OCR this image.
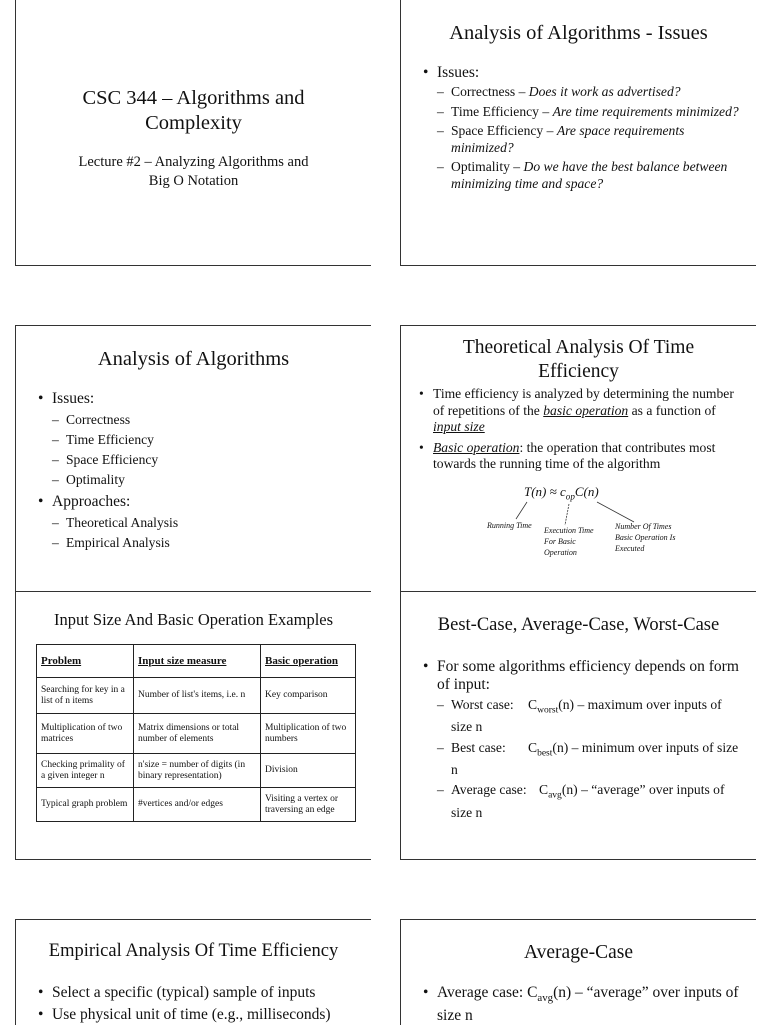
CSC 344 – Algorithms and Complexity
Lecture #2 – Analyzing Algorithms and Big O Notation
Analysis of Algorithms - Issues
• Issues:
– Correctness – Does it work as advertised?
– Time Efficiency – Are time requirements minimized?
– Space Efficiency – Are space requirements minimized?
– Optimality – Do we have the best balance between minimizing time and space?
Analysis of Algorithms
• Issues:
– Correctness
– Time Efficiency
– Space Efficiency
– Optimality
• Approaches:
– Theoretical Analysis
– Empirical Analysis
Theoretical Analysis Of Time Efficiency
• Time efficiency is analyzed by determining the number of repetitions of the basic operation as a function of input size
• Basic operation: the operation that contributes most towards the running time of the algorithm
$T(n) \approx c_{op}C(n)$
Running Time
Execution Time For Basic Operation
Number Of Times Basic Operation Is Executed
Input Size And Basic Operation Examples
Problem	Input size measure	Basic operation
Searching for key in a list of n items	Number of list's items, i.e. n	Key comparison
Multiplication of two matrices	Matrix dimensions or total number of elements	Multiplication of two numbers
Checking primality of a given integer n	n'size = number of digits (in binary representation)	Division
Typical graph problem	#vertices and/or edges	Visiting a vertex or traversing an edge
Best-Case, Average-Case, Worst-Case
• For some algorithms efficiency depends on form of input:
– Worst case: $C_{worst}(n)$ – maximum over inputs of size n
– Best case: $C_{best}(n)$ – minimum over inputs of size n
– Average case: $C_{avg}(n)$ – “average” over inputs of size n
Empirical Analysis Of Time Efficiency
• Select a specific (typical) sample of inputs
• Use physical unit of time (e.g., milliseconds)
Average-Case
• Average case: $C_{avg}(n)$ – “average” over inputs of size n
